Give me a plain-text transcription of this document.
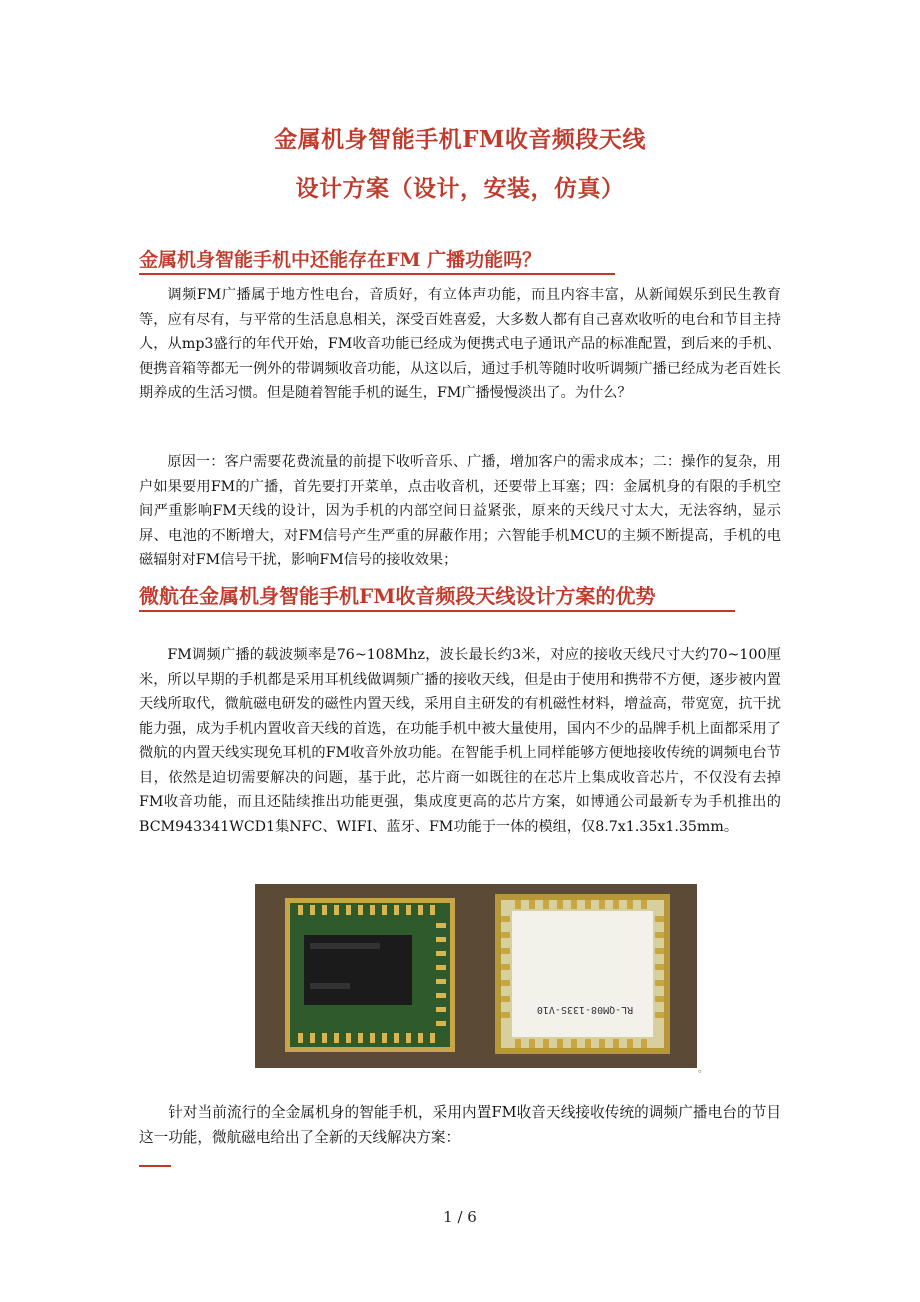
金属机身智能手机FM收音频段天线
设计方案（设计，安装，仿真）
金属机身智能手机中还能存在FM 广播功能吗？

调频FM广播属于地方性电台，音质好，有立体声功能，而且内容丰富，从新闻娱乐到民生教育等，应有尽有，与平常的生活息息相关，深受百姓喜爱，大多数人都有自己喜欢收听的电台和节目主持人，从mp3盛行的年代开始，FM收音功能已经成为便携式电子通讯产品的标准配置，到后来的手机、便携音箱等都无一例外的带调频收音功能，从这以后，通过手机等随时收听调频广播已经成为老百姓长期养成的生活习惯。但是随着智能手机的诞生，FM广播慢慢淡出了。为什么？

原因一：客户需要花费流量的前提下收听音乐、广播，增加客户的需求成本；二：操作的复杂，用户如果要用FM的广播，首先要打开菜单，点击收音机，还要带上耳塞；四：金属机身的有限的手机空间严重影响FM天线的设计，因为手机的内部空间日益紧张，原来的天线尺寸太大，无法容纳，显示屏、电池的不断增大，对FM信号产生严重的屏蔽作用；六智能手机MCU的主频不断提高，手机的电磁辐射对FM信号干扰，影响FM信号的接收效果；

微航在金属机身智能手机FM收音频段天线设计方案的优势

FM调频广播的载波频率是76~108Mhz，波长最长约3米，对应的接收天线尺寸大约70~100厘米，所以早期的手机都是采用耳机线做调频广播的接收天线，但是由于使用和携带不方便，逐步被内置天线所取代，微航磁电研发的磁性内置天线，采用自主研发的有机磁性材料，增益高，带宽宽，抗干扰能力强，成为手机内置收音天线的首选，在功能手机中被大量使用，国内不少的品牌手机上面都采用了微航的内置天线实现免耳机的FM收音外放功能。在智能手机上同样能够方便地接收传统的调频电台节目，依然是迫切需要解决的问题，基于此，芯片商一如既往的在芯片上集成收音芯片，不仅没有去掉FM收音功能，而且还陆续推出功能更强，集成度更高的芯片方案，如博通公司最新专为手机推出的BCM943341WCD1集NFC、WIFI、蓝牙、FM功能于一体的模组，仅8.7x1.35x1.35mm。

RL-QM08-133S-V10
。

针对当前流行的全金属机身的智能手机，采用内置FM收音天线接收传统的调频广播电台的节目这一功能，微航磁电给出了全新的天线解决方案：

1 / 6
